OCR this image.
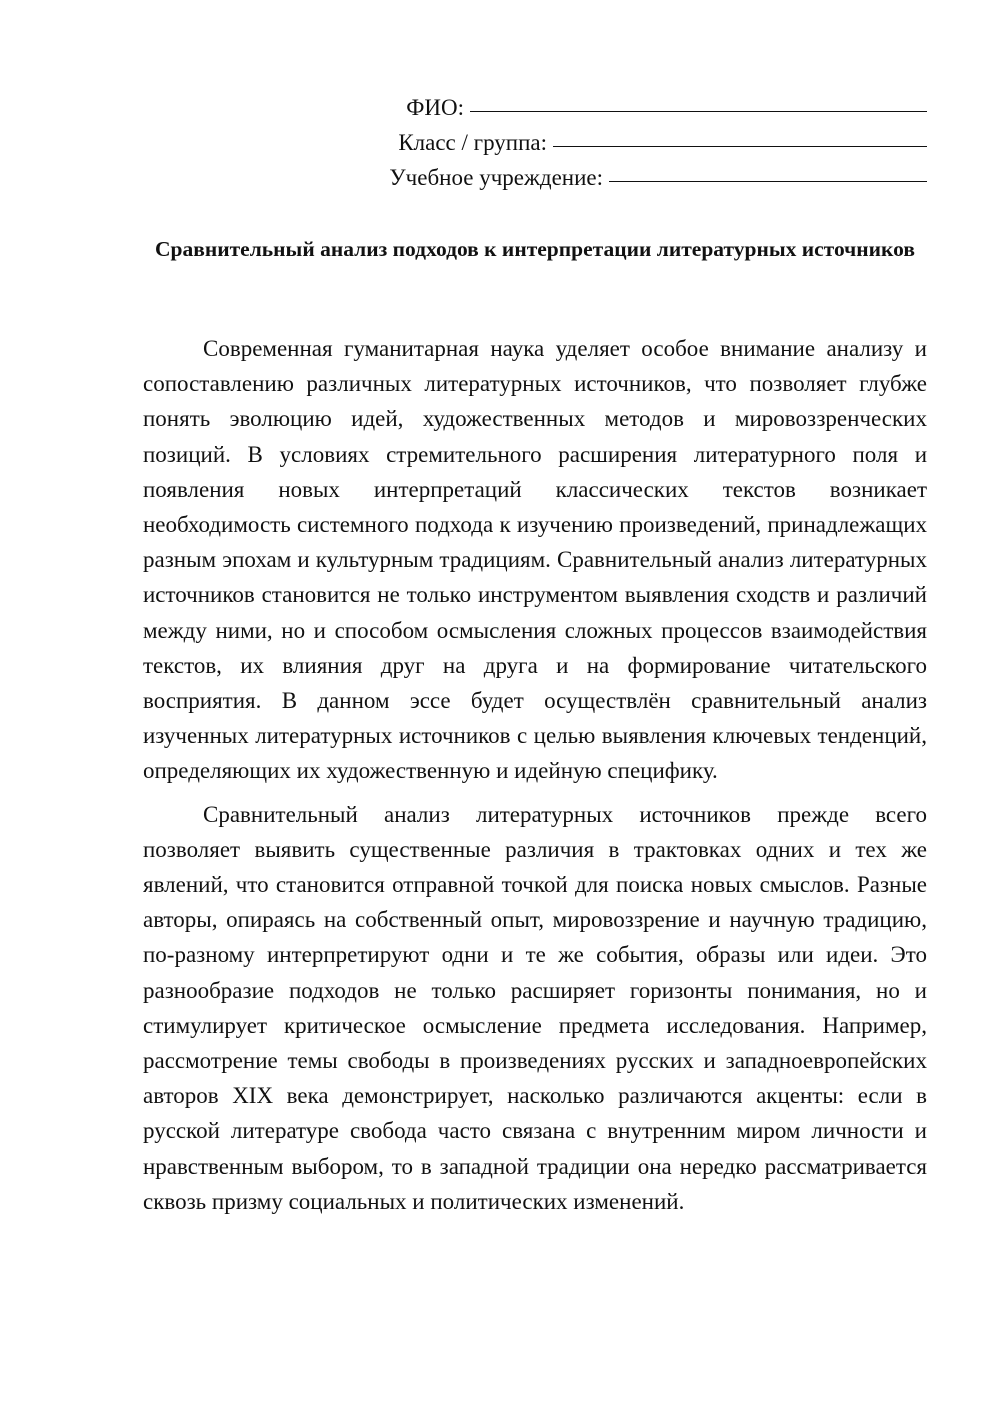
ФИО:
Класс / группа:
Учебное учреждение:
Сравнительный анализ подходов к интерпретации литературных источников

Современная гуманитарная наука уделяет особое внимание анализу и сопоставлению различных литературных источников, что позволяет глубже понять эволюцию идей, художественных методов и мировоззренческих позиций. В условиях стремительного расширения литературного поля и появления новых интерпретаций классических текстов возникает необходимость системного подхода к изучению произведений, принадлежащих разным эпохам и культурным традициям. Сравнительный анализ литературных источников становится не только инструментом выявления сходств и различий между ними, но и способом осмысления сложных процессов взаимодействия текстов, их влияния друг на друга и на формирование читательского восприятия. В данном эссе будет осуществлён сравнительный анализ изученных литературных источников с целью выявления ключевых тенденций, определяющих их художественную и идейную специфику.

Сравнительный анализ литературных источников прежде всего позволяет выявить существенные различия в трактовках одних и тех же явлений, что становится отправной точкой для поиска новых смыслов. Разные авторы, опираясь на собственный опыт, мировоззрение и научную традицию, по-разному интерпретируют одни и те же события, образы или идеи. Это разнообразие подходов не только расширяет горизонты понимания, но и стимулирует критическое осмысление предмета исследования. Например, рассмотрение темы свободы в произведениях русских и западноевропейских авторов XIX века демонстрирует, насколько различаются акценты: если в русской литературе свобода часто связана с внутренним миром личности и нравственным выбором, то в западной традиции она нередко рассматривается сквозь призму социальных и политических изменений.
